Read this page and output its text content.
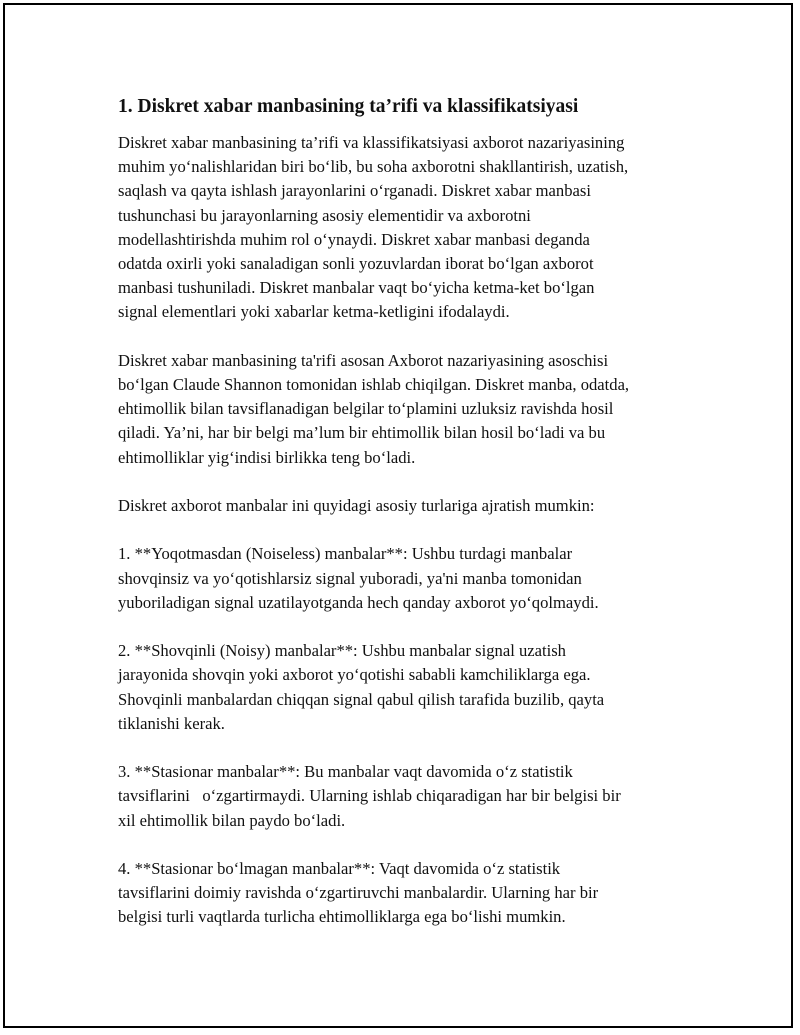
1. Diskret xabar manbasining ta’rifi va klassifikatsiyasi

Diskret xabar manbasining ta’rifi va klassifikatsiyasi axborot nazariyasining
muhim yo‘nalishlaridan biri bo‘lib, bu soha axborotni shakllantirish, uzatish,
saqlash va qayta ishlash jarayonlarini o‘rganadi. Diskret xabar manbasi
tushunchasi bu jarayonlarning asosiy elementidir va axborotni
modellashtirishda muhim rol o‘ynaydi. Diskret xabar manbasi deganda
odatda oxirli yoki sanaladigan sonli yozuvlardan iborat bo‘lgan axborot
manbasi tushuniladi. Diskret manbalar vaqt bo‘yicha ketma-ket bo‘lgan
signal elementlari yoki xabarlar ketma-ketligini ifodalaydi.

Diskret xabar manbasining ta'rifi asosan Axborot nazariyasining asoschisi
bo‘lgan Claude Shannon tomonidan ishlab chiqilgan. Diskret manba, odatda,
ehtimollik bilan tavsiflanadigan belgilar to‘plamini uzluksiz ravishda hosil
qiladi. Ya’ni, har bir belgi ma’lum bir ehtimollik bilan hosil bo‘ladi va bu
ehtimolliklar yig‘indisi birlikka teng bo‘ladi.

Diskret axborot manbalar ini quyidagi asosiy turlariga ajratish mumkin:

1. **Yoqotmasdan (Noiseless) manbalar**: Ushbu turdagi manbalar
shovqinsiz va yo‘qotishlarsiz signal yuboradi, ya'ni manba tomonidan
yuboriladigan signal uzatilayotganda hech qanday axborot yo‘qolmaydi.

2. **Shovqinli (Noisy) manbalar**: Ushbu manbalar signal uzatish
jarayonida shovqin yoki axborot yo‘qotishi sababli kamchiliklarga ega.
Shovqinli manbalardan chiqqan signal qabul qilish tarafida buzilib, qayta
tiklanishi kerak.

3. **Stasionar manbalar**: Bu manbalar vaqt davomida o‘z statistik
tavsiflarini   o‘zgartirmaydi. Ularning ishlab chiqaradigan har bir belgisi bir
xil ehtimollik bilan paydo bo‘ladi.

4. **Stasionar bo‘lmagan manbalar**: Vaqt davomida o‘z statistik
tavsiflarini doimiy ravishda o‘zgartiruvchi manbalardir. Ularning har bir
belgisi turli vaqtlarda turlicha ehtimolliklarga ega bo‘lishi mumkin.
